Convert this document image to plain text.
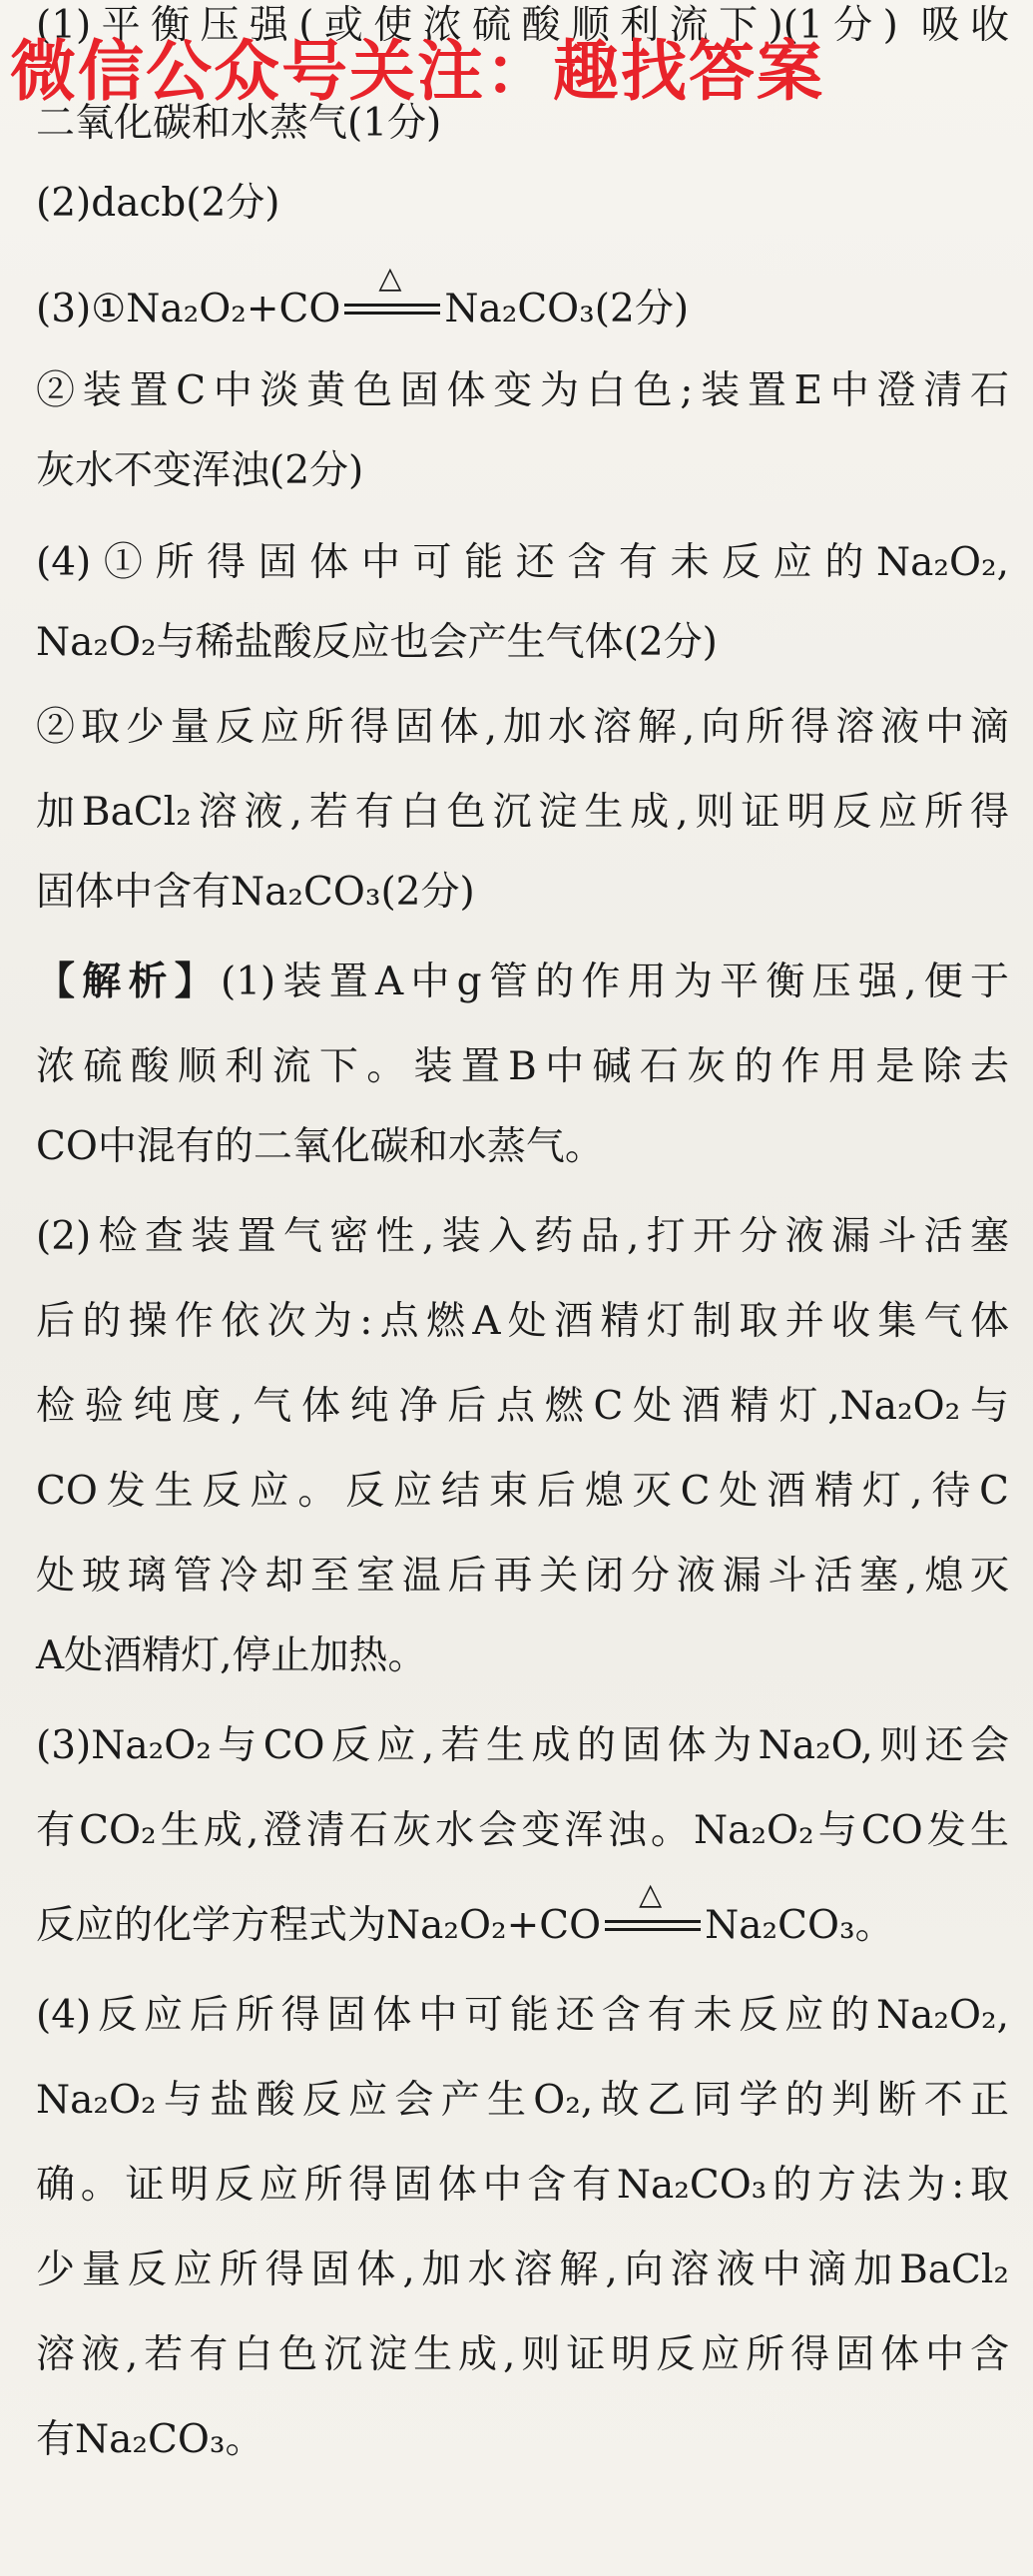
微信公众号关注：趣找答案
(1)平衡压强(或使浓硫酸顺利流下)(1分) 吸收
二氧化碳和水蒸气(1分)
(2)dacb(2分)
(3)①Na₂O₂+CO
△
Na₂CO₃(2分)
②装置C中淡黄色固体变为白色;装置E中澄清石
灰水不变浑浊(2分)
(4)①所得固体中可能还含有未反应的Na₂O₂,
Na₂O₂与稀盐酸反应也会产生气体(2分)
②取少量反应所得固体,加水溶解,向所得溶液中滴
加BaCl₂溶液,若有白色沉淀生成,则证明反应所得
固体中含有Na₂CO₃(2分)
【解析】(1)装置A中g管的作用为平衡压强,便于
浓硫酸顺利流下。装置B中碱石灰的作用是除去
CO中混有的二氧化碳和水蒸气。
(2)检查装置气密性,装入药品,打开分液漏斗活塞
后的操作依次为:点燃A处酒精灯制取并收集气体
检验纯度,气体纯净后点燃C处酒精灯,Na₂O₂与
CO发生反应。反应结束后熄灭C处酒精灯,待C
处玻璃管冷却至室温后再关闭分液漏斗活塞,熄灭
A处酒精灯,停止加热。
(3)Na₂O₂与CO反应,若生成的固体为Na₂O,则还会
有CO₂生成,澄清石灰水会变浑浊。Na₂O₂与CO发生
反应的化学方程式为Na₂O₂+CO
△
Na₂CO₃。
(4)反应后所得固体中可能还含有未反应的Na₂O₂,
Na₂O₂与盐酸反应会产生O₂,故乙同学的判断不正
确。证明反应所得固体中含有Na₂CO₃的方法为:取
少量反应所得固体,加水溶解,向溶液中滴加BaCl₂
溶液,若有白色沉淀生成,则证明反应所得固体中含
有Na₂CO₃。
